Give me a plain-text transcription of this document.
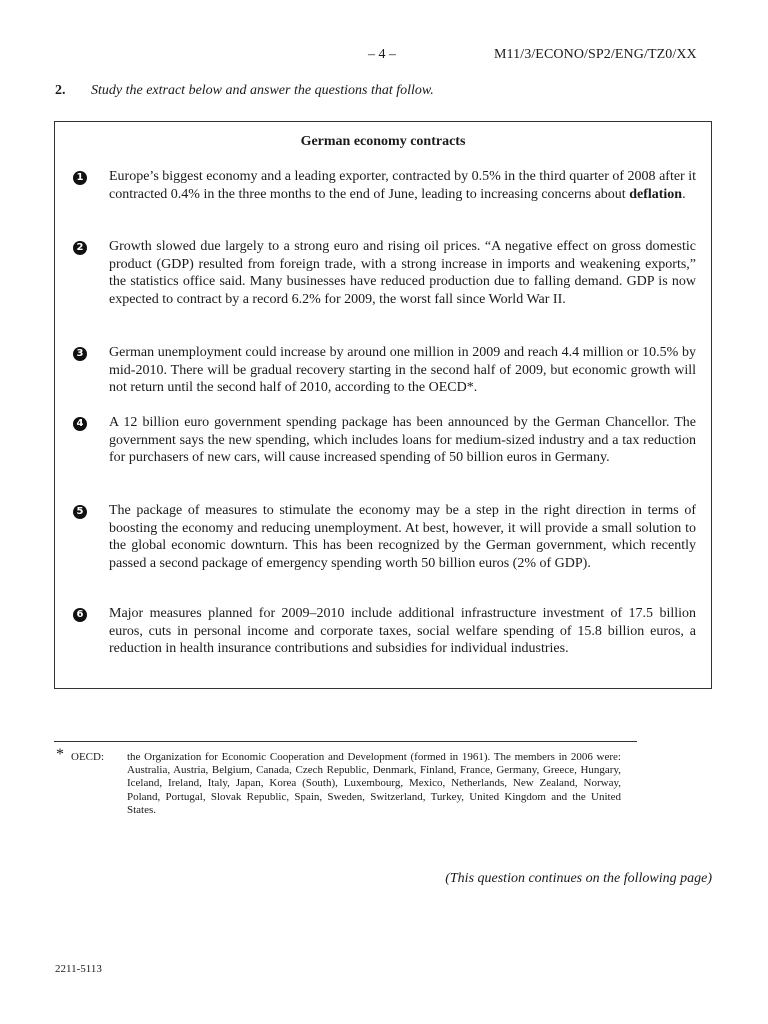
– 4 –	M11/3/ECONO/SP2/ENG/TZ0/XX
2. Study the extract below and answer the questions that follow.
German economy contracts
1 Europe’s biggest economy and a leading exporter, contracted by 0.5% in the third quarter of 2008 after it contracted 0.4% in the three months to the end of June, leading to increasing concerns about deflation.
2 Growth slowed due largely to a strong euro and rising oil prices. “A negative effect on gross domestic product (GDP) resulted from foreign trade, with a strong increase in imports and weakening exports,” the statistics office said. Many businesses have reduced production due to falling demand. GDP is now expected to contract by a record 6.2% for 2009, the worst fall since World War II.
3 German unemployment could increase by around one million in 2009 and reach 4.4 million or 10.5% by mid-2010. There will be gradual recovery starting in the second half of 2009, but economic growth will not return until the second half of 2010, according to the OECD*.
4 A 12 billion euro government spending package has been announced by the German Chancellor. The government says the new spending, which includes loans for medium-sized industry and a tax reduction for purchasers of new cars, will cause increased spending of 50 billion euros in Germany.
5 The package of measures to stimulate the economy may be a step in the right direction in terms of boosting the economy and reducing unemployment. At best, however, it will provide a small solution to the global economic downturn. This has been recognized by the German government, which recently passed a second package of emergency spending worth 50 billion euros (2% of GDP).
6 Major measures planned for 2009–2010 include additional infrastructure investment of 17.5 billion euros, cuts in personal income and corporate taxes, social welfare spending of 15.8 billion euros, a reduction in health insurance contributions and subsidies for individual industries.
* OECD: the Organization for Economic Cooperation and Development (formed in 1961). The members in 2006 were: Australia, Austria, Belgium, Canada, Czech Republic, Denmark, Finland, France, Germany, Greece, Hungary, Iceland, Ireland, Italy, Japan, Korea (South), Luxembourg, Mexico, Netherlands, New Zealand, Norway, Poland, Portugal, Slovak Republic, Spain, Sweden, Switzerland, Turkey, United Kingdom and the United States.
(This question continues on the following page)
2211-5113
